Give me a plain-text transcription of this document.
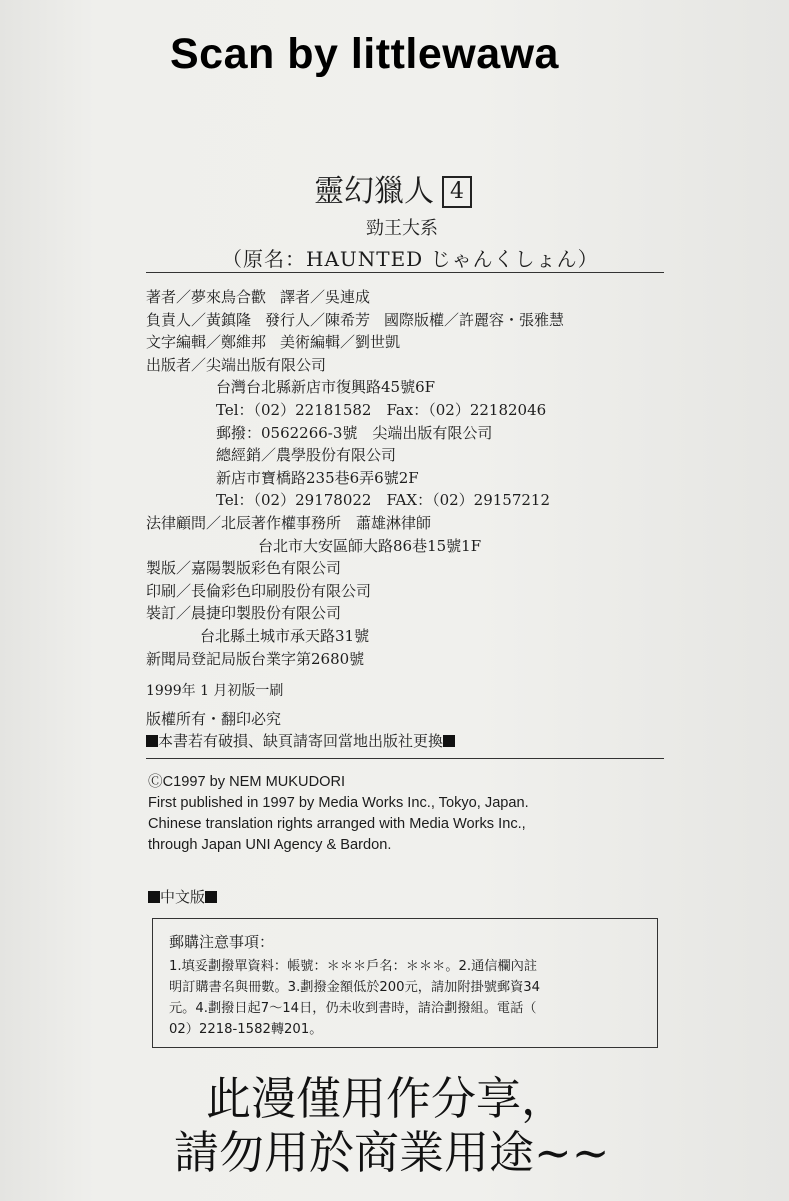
Scan by littlewawa
靈幻獵人 4
勁王大系
（原名：HAUNTED じゃんくしょん）
著者／夢來鳥合歡 譯者／吳連成
負責人／黃鎮隆 發行人／陳希芳 國際版權／許麗容・張雅慧
文字編輯／鄭維邦 美術編輯／劉世凱
出版者／尖端出版有限公司
台灣台北縣新店市復興路45號6F
Tel：（02）22181582　Fax：（02）22182046
郵撥：0562266-3號　尖端出版有限公司
總經銷／農學股份有限公司
新店市寶橋路235巷6弄6號2F
Tel：（02）29178022　FAX：（02）29157212
法律顧問／北辰著作權事務所　蕭雄淋律師
台北市大安區師大路86巷15號1F
製版／嘉陽製版彩色有限公司
印刷／長倫彩色印刷股份有限公司
裝訂／晨捷印製股份有限公司
台北縣土城市承天路31號
新聞局登記局版台業字第2680號
1999年 1 月初版一刷
版權所有・翻印必究
本書若有破損、缺頁請寄回當地出版社更換
ⒸC1997 by NEM MUKUDORI
First published in 1997 by Media Works Inc., Tokyo, Japan.
Chinese translation rights arranged with Media Works Inc.,
through Japan UNI Agency & Bardon.
中文版
郵購注意事項：
1.填妥劃撥單資料：帳號：＊＊＊戶名：＊＊＊。2.通信欄內註
明訂購書名與冊數。3.劃撥金額低於200元，請加附掛號郵資34
元。4.劃撥日起7～14日，仍未收到書時，請洽劃撥組。電話（
02）2218-1582轉201。
此漫僅用作分享，
請勿用於商業用途~~
